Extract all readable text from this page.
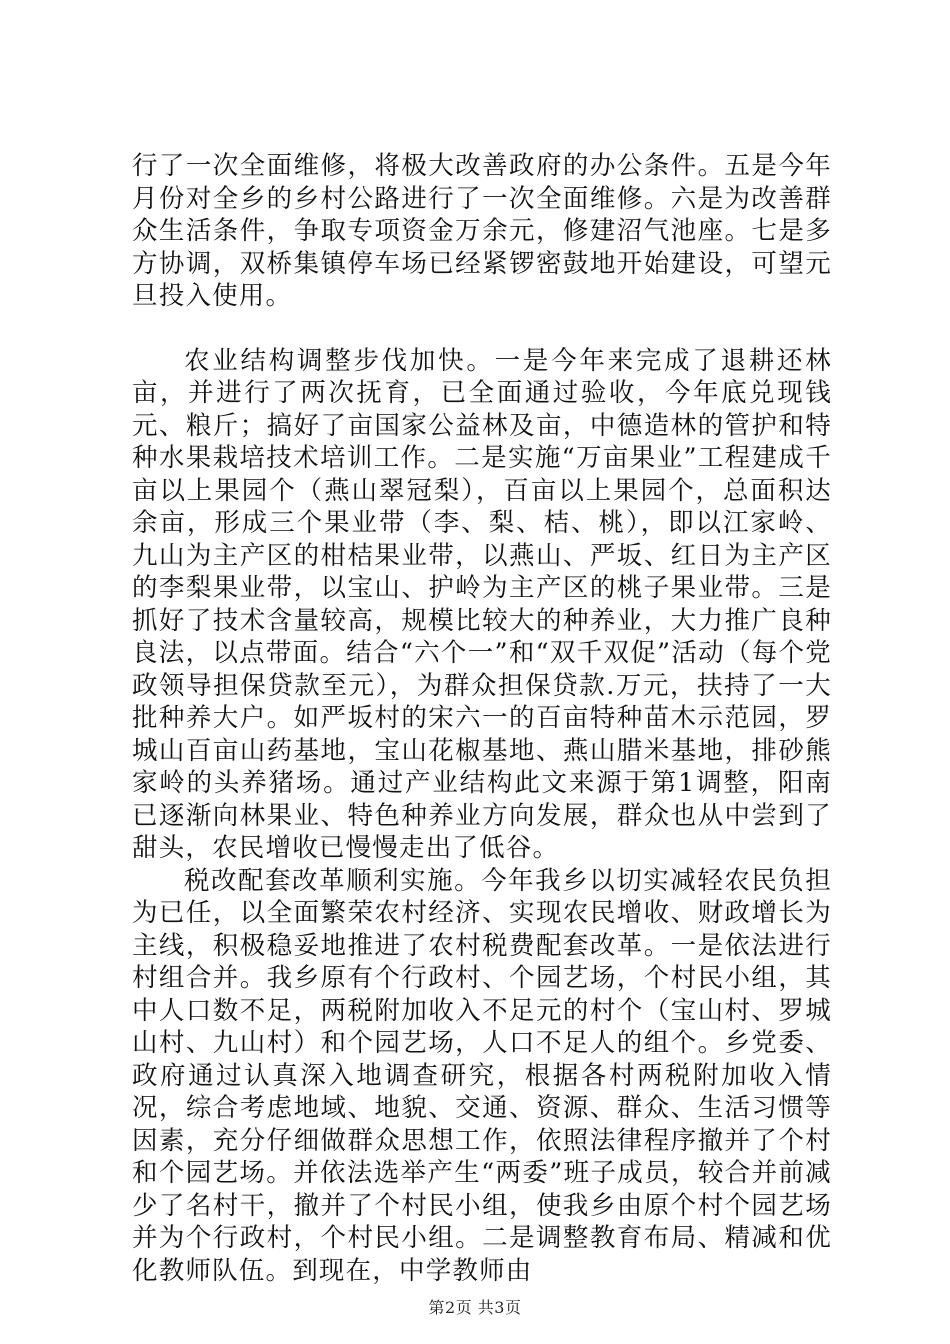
行了一次全面维修，将极大改善政府的办公条件。五是今年月份对全乡的乡村公路进行了一次全面维修。六是为改善群众生活条件，争取专项资金万余元，修建沼气池座。七是多方协调，双桥集镇停车场已经紧锣密鼓地开始建设，可望元旦投入使用。

农业结构调整步伐加快。一是今年来完成了退耕还林亩，并进行了两次抚育，已全面通过验收，今年底兑现钱元、粮斤；搞好了亩国家公益林及亩，中德造林的管护和特种水果栽培技术培训工作。二是实施“万亩果业”工程建成千亩以上果园个（燕山翠冠梨），百亩以上果园个，总面积达余亩，形成三个果业带（李、梨、桔、桃），即以江家岭、九山为主产区的柑桔果业带，以燕山、严坂、红日为主产区的李梨果业带，以宝山、护岭为主产区的桃子果业带。三是抓好了技术含量较高，规模比较大的种养业，大力推广良种良法，以点带面。结合“六个一”和“双千双促”活动（每个党政领导担保贷款至元），为群众担保贷款.万元，扶持了一大批种养大户。如严坂村的宋六一的百亩特种苗木示范园，罗城山百亩山药基地，宝山花椒基地、燕山腊米基地，排砂熊家岭的头养猪场。通过产业结构此文来源于第1调整，阳南已逐渐向林果业、特色种养业方向发展，群众也从中尝到了甜头，农民增收已慢慢走出了低谷。

税改配套改革顺利实施。今年我乡以切实减轻农民负担为已任，以全面繁荣农村经济、实现农民增收、财政增长为主线，积极稳妥地推进了农村税费配套改革。一是依法进行村组合并。我乡原有个行政村、个园艺场，个村民小组，其中人口数不足，两税附加收入不足元的村个（宝山村、罗城山村、九山村）和个园艺场，人口不足人的组个。乡党委、政府通过认真深入地调查研究，根据各村两税附加收入情况，综合考虑地域、地貌、交通、资源、群众、生活习惯等因素，充分仔细做群众思想工作，依照法律程序撤并了个村和个园艺场。并依法选举产生“两委”班子成员，较合并前减少了名村干，撤并了个村民小组，使我乡由原个村个园艺场并为个行政村，个村民小组。二是调整教育布局、精减和优化教师队伍。到现在，中学教师由

第2页 共3页
